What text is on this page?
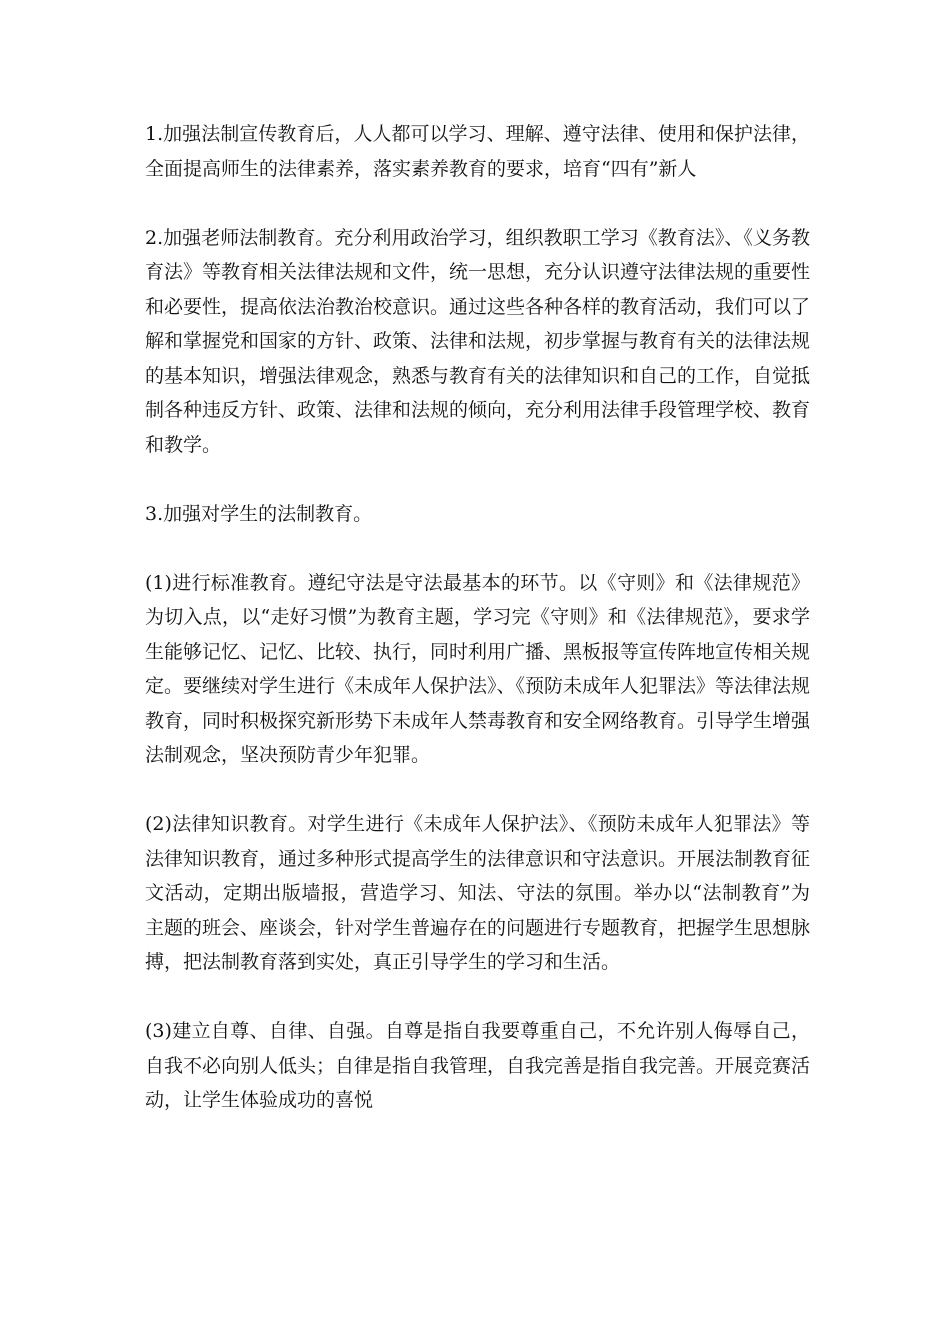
1.加强法制宣传教育后，人人都可以学习、理解、遵守法律、使用和保护法律，全面提高师生的法律素养，落实素养教育的要求，培育“四有”新人

2.加强老师法制教育。充分利用政治学习，组织教职工学习《教育法》、《义务教育法》等教育相关法律法规和文件，统一思想，充分认识遵守法律法规的重要性和必要性，提高依法治教治校意识。通过这些各种各样的教育活动，我们可以了解和掌握党和国家的方针、政策、法律和法规，初步掌握与教育有关的法律法规的基本知识，增强法律观念，熟悉与教育有关的法律知识和自己的工作，自觉抵制各种违反方针、政策、法律和法规的倾向，充分利用法律手段管理学校、教育和教学。

3.加强对学生的法制教育。

(1)进行标准教育。遵纪守法是守法最基本的环节。以《守则》和《法律规范》为切入点，以“走好习惯”为教育主题，学习完《守则》和《法律规范》，要求学生能够记忆、记忆、比较、执行，同时利用广播、黑板报等宣传阵地宣传相关规定。要继续对学生进行《未成年人保护法》、《预防未成年人犯罪法》等法律法规教育，同时积极探究新形势下未成年人禁毒教育和安全网络教育。引导学生增强法制观念，坚决预防青少年犯罪。

(2)法律知识教育。对学生进行《未成年人保护法》、《预防未成年人犯罪法》等法律知识教育，通过多种形式提高学生的法律意识和守法意识。开展法制教育征文活动，定期出版墙报，营造学习、知法、守法的氛围。举办以“法制教育”为主题的班会、座谈会，针对学生普遍存在的问题进行专题教育，把握学生思想脉搏，把法制教育落到实处，真正引导学生的学习和生活。

(3)建立自尊、自律、自强。自尊是指自我要尊重自己，不允许别人侮辱自己，自我不必向别人低头；自律是指自我管理，自我完善是指自我完善。开展竞赛活动，让学生体验成功的喜悦
